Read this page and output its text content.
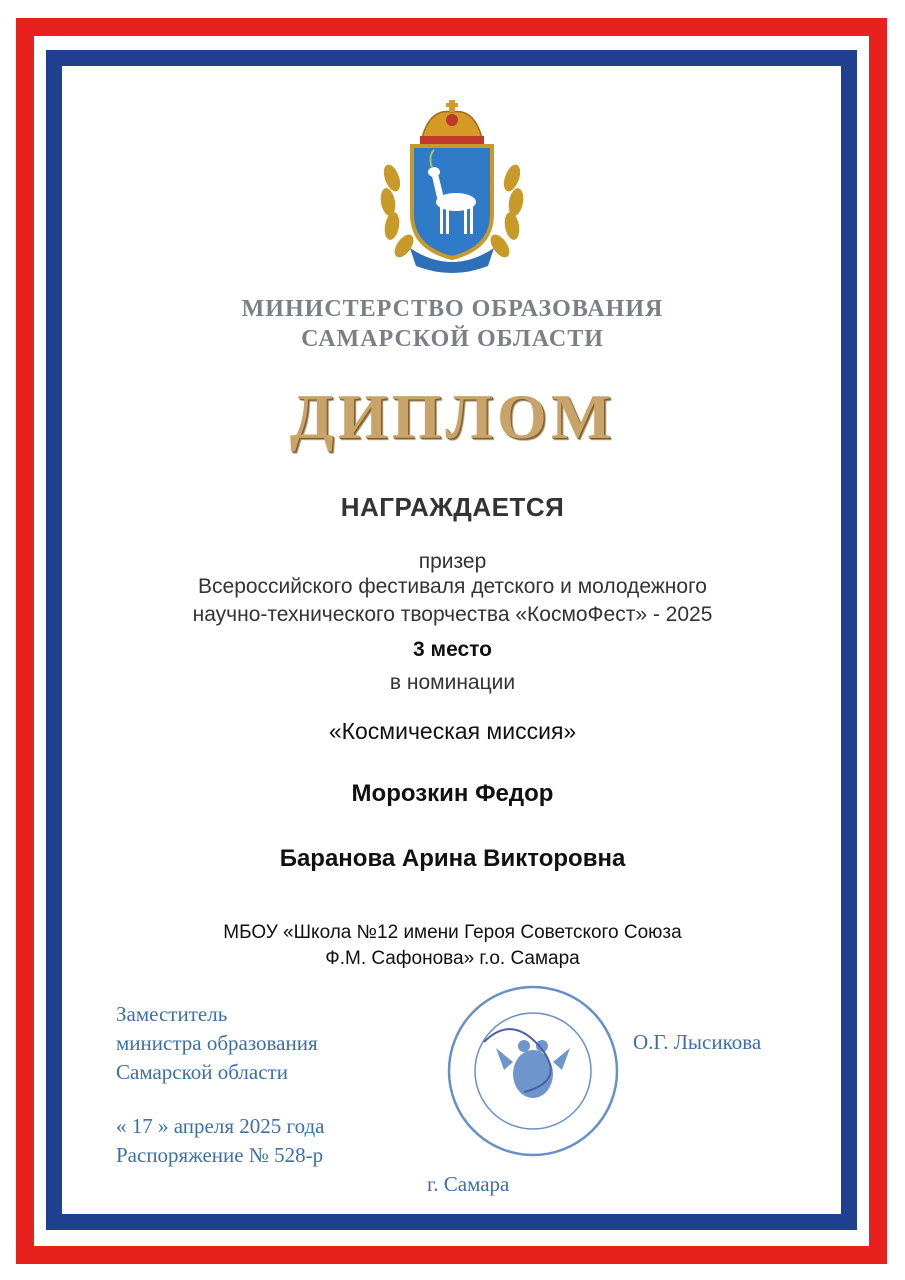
МИНИСТЕРСТВО ОБРАЗОВАНИЯ
САМАРСКОЙ ОБЛАСТИ
ДИПЛОМ
НАГРАЖДАЕТСЯ
призер
Всероссийского фестиваля детского и молодежного
научно-технического творчества «КосмоФест» - 2025
3 место
в номинации
«Космическая миссия»
Морозкин Федор
Баранова Арина Викторовна
МБОУ «Школа №12 имени Героя Советского Союза
Ф.М. Сафонова» г.о. Самара
Заместитель
министра образования
Самарской области
« 17 » апреля 2025 года
Распоряжение № 528-р
О.Г. Лысикова
г. Самара
